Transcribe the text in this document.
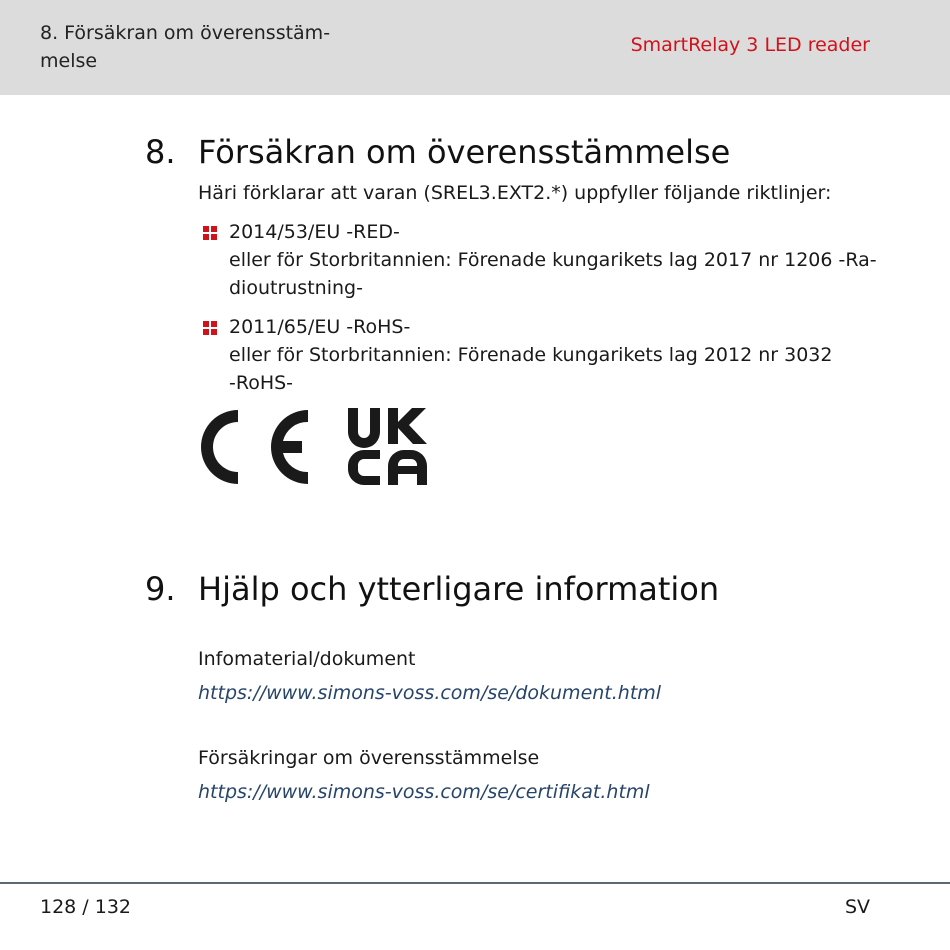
8. Försäkran om överensstäm-
melse
SmartRelay 3 LED reader
8. Försäkran om överensstämmelse
Häri förklarar att varan (SREL3.EXT2.*) uppfyller följande riktlinjer:
2014/53/EU -RED-
eller för Storbritannien: Förenade kungarikets lag 2017 nr 1206 -Ra-
dioutrustning-
2011/65/EU -RoHS-
eller för Storbritannien: Förenade kungarikets lag 2012 nr 3032
-RoHS-
9. Hjälp och ytterligare information
Infomaterial/dokument
https://www.simons-voss.com/se/dokument.html
Försäkringar om överensstämmelse
https://www.simons-voss.com/se/certifikat.html
128 / 132	SV
